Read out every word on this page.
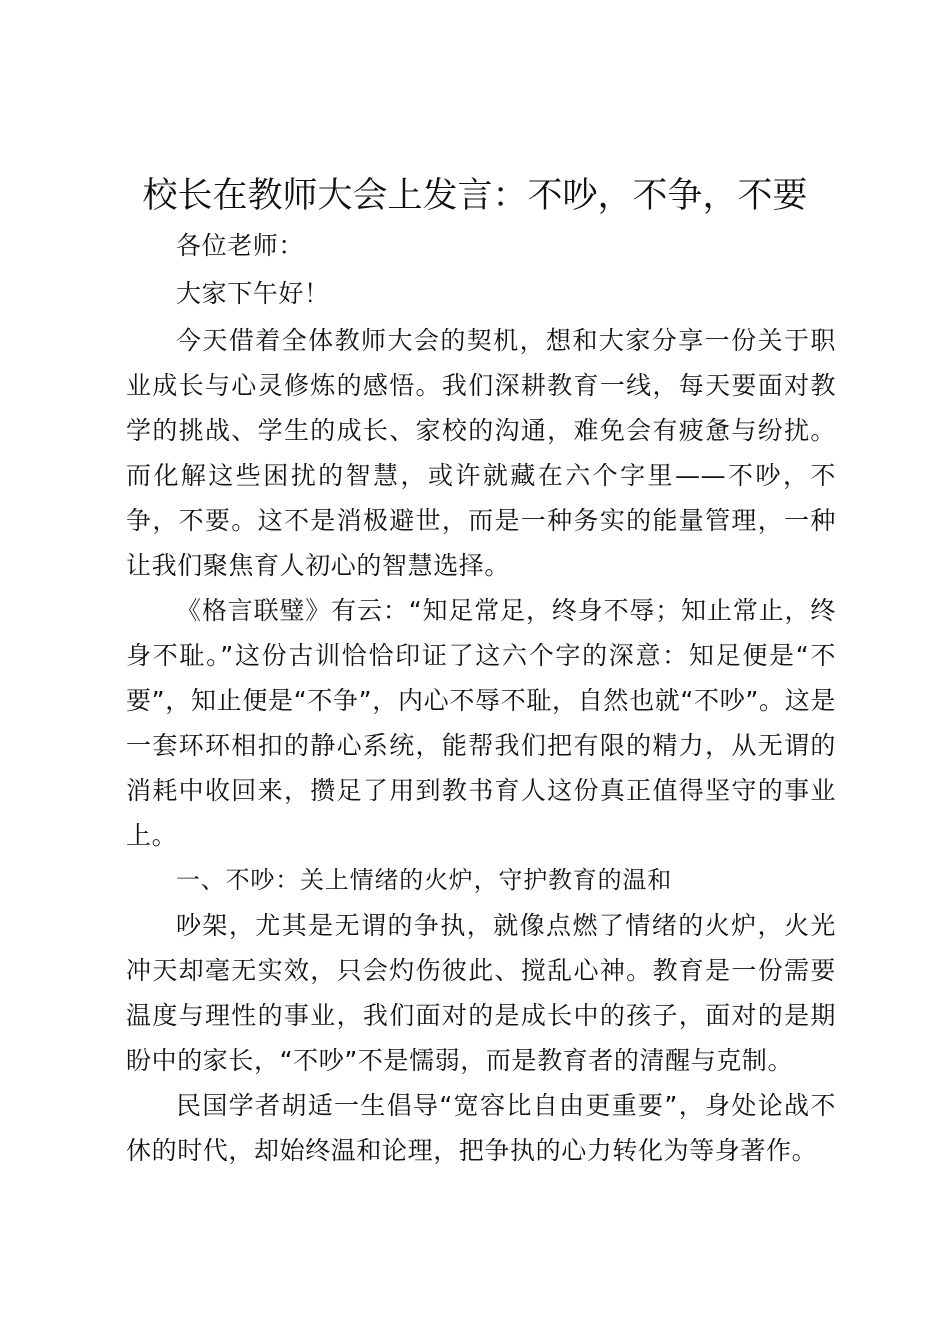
校长在教师大会上发言：不吵，不争，不要

各位老师：

大家下午好！

今天借着全体教师大会的契机，想和大家分享一份关于职业成长与心灵修炼的感悟。我们深耕教育一线，每天要面对教学的挑战、学生的成长、家校的沟通，难免会有疲惫与纷扰。而化解这些困扰的智慧，或许就藏在六个字里——不吵，不争，不要。这不是消极避世，而是一种务实的能量管理，一种让我们聚焦育人初心的智慧选择。

《格言联璧》有云：“知足常足，终身不辱；知止常止，终身不耻。”这份古训恰恰印证了这六个字的深意：知足便是“不要”，知止便是“不争”，内心不辱不耻，自然也就“不吵”。这是一套环环相扣的静心系统，能帮我们把有限的精力，从无谓的消耗中收回来，攒足了用到教书育人这份真正值得坚守的事业上。

一、不吵：关上情绪的火炉，守护教育的温和

吵架，尤其是无谓的争执，就像点燃了情绪的火炉，火光冲天却毫无实效，只会灼伤彼此、搅乱心神。教育是一份需要温度与理性的事业，我们面对的是成长中的孩子，面对的是期盼中的家长，“不吵”不是懦弱，而是教育者的清醒与克制。

民国学者胡适一生倡导“宽容比自由更重要”，身处论战不休的时代，却始终温和论理，把争执的心力转化为等身著作。
